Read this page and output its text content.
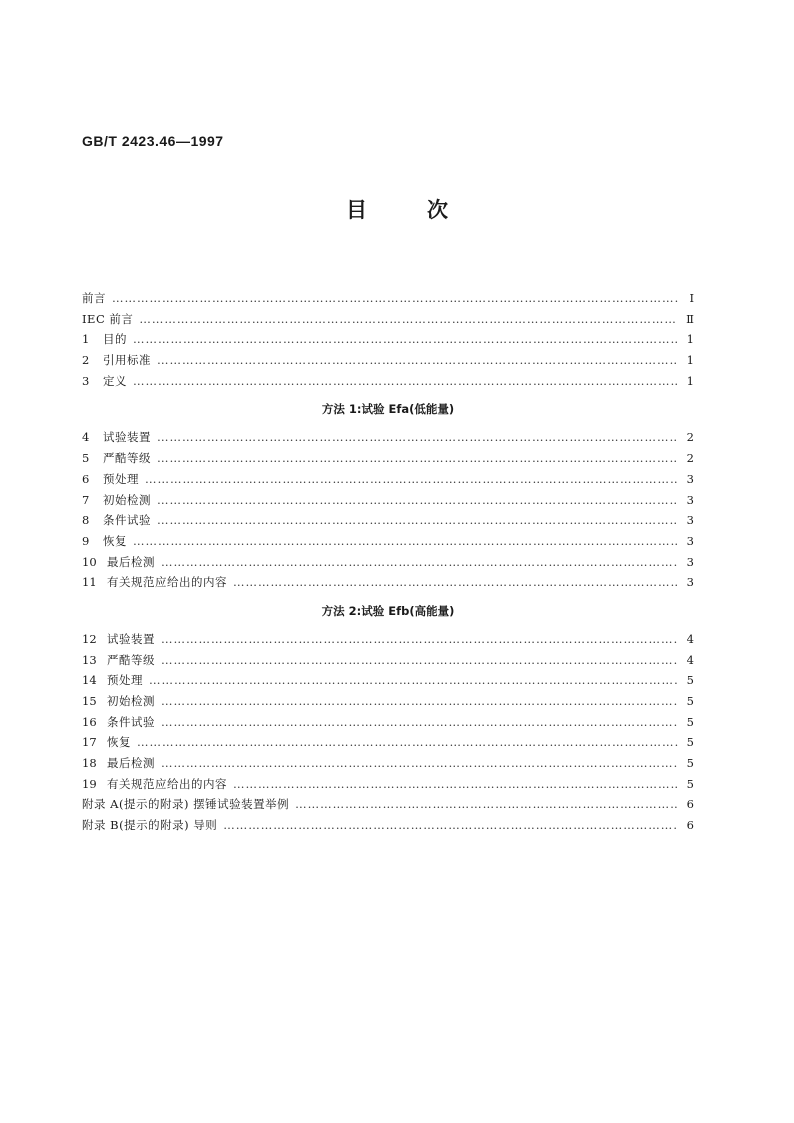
GB/T 2423.46—1997
目	次
前言 ……………………………………………………………………………………………………………………………………………………………………………………………………	Ⅰ
IEC 前言 ……………………………………………………………………………………………………………………………………………………………………………………………………	Ⅱ
1	目的 ……………………………………………………………………………………………………………………………………………………………………………………………………	1
2	引用标准 ……………………………………………………………………………………………………………………………………………………………………………………………………	1
3	定义 ……………………………………………………………………………………………………………………………………………………………………………………………………	1
方法 1:试验 Efa(低能量)
4	试验装置 ……………………………………………………………………………………………………………………………………………………………………………………………………	2
5	严酷等级 ……………………………………………………………………………………………………………………………………………………………………………………………………	2
6	预处理 ……………………………………………………………………………………………………………………………………………………………………………………………………	3
7	初始检测 ……………………………………………………………………………………………………………………………………………………………………………………………………	3
8	条件试验 ……………………………………………………………………………………………………………………………………………………………………………………………………	3
9	恢复 ……………………………………………………………………………………………………………………………………………………………………………………………………	3
10 最后检测 ……………………………………………………………………………………………………………………………………………………………………………………………………	3
11 有关规范应给出的内容 ……………………………………………………………………………………………………………………………………………………………………………………………………	3
方法 2:试验 Efb(高能量)
12 试验装置 ……………………………………………………………………………………………………………………………………………………………………………………………………	4
13 严酷等级 ……………………………………………………………………………………………………………………………………………………………………………………………………	4
14 预处理 ……………………………………………………………………………………………………………………………………………………………………………………………………	5
15 初始检测 ……………………………………………………………………………………………………………………………………………………………………………………………………	5
16 条件试验 ……………………………………………………………………………………………………………………………………………………………………………………………………	5
17 恢复 ……………………………………………………………………………………………………………………………………………………………………………………………………	5
18 最后检测 ……………………………………………………………………………………………………………………………………………………………………………………………………	5
19 有关规范应给出的内容 ……………………………………………………………………………………………………………………………………………………………………………………………………	5
附录 A(提示的附录) 摆锤试验装置举例 ……………………………………………………………………………………………………………………………………………………………………………………………………	6
附录 B(提示的附录) 导则 ……………………………………………………………………………………………………………………………………………………………………………………………………	6
